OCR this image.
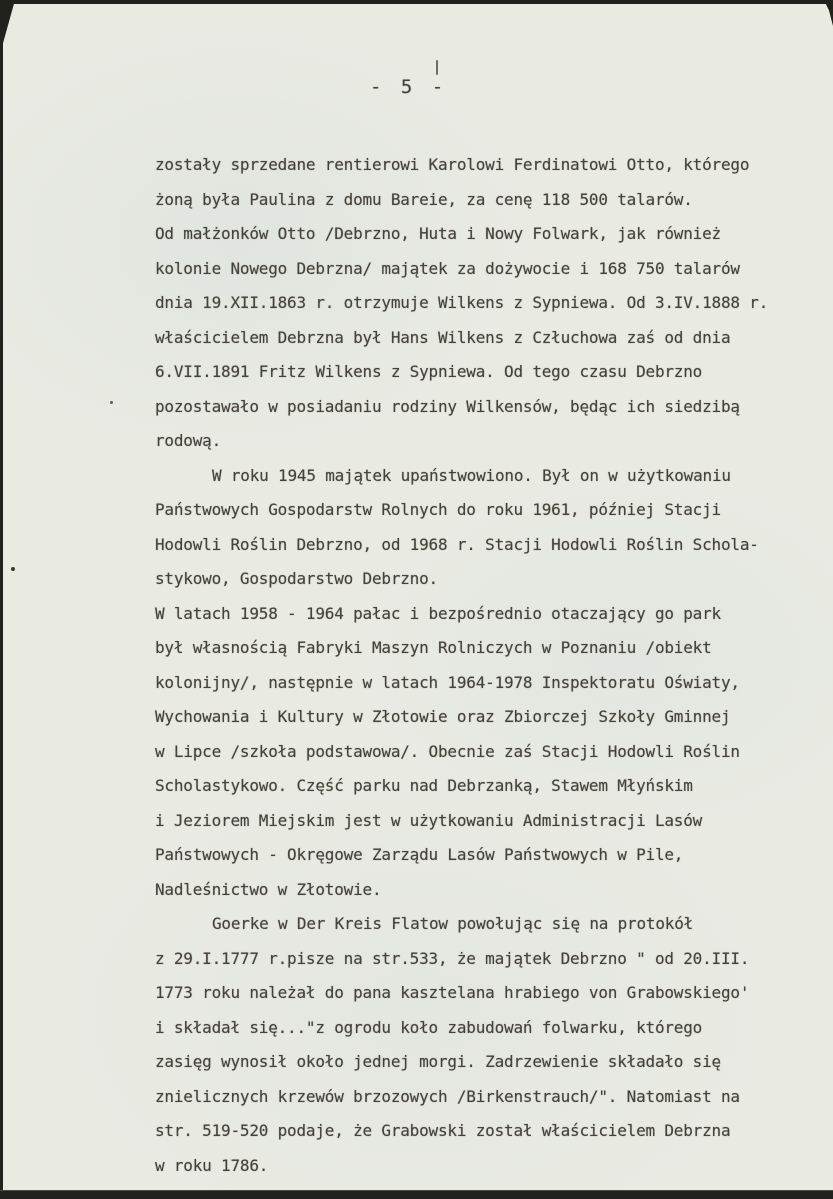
- 5 -
zostały sprzedane rentierowi Karolowi Ferdinatowi Otto, którego
żoną była Paulina z domu Bareie, za cenę 118 500 talarów.
Od małżonków Otto /Debrzno, Huta i Nowy Folwark, jak również
kolonie Nowego Debrzna/ majątek za dożywocie i 168 750 talarów
dnia 19.XII.1863 r. otrzymuje Wilkens z Sypniewa. Od 3.IV.1888 r.
właścicielem Debrzna był Hans Wilkens z Człuchowa zaś od dnia
6.VII.1891 Fritz Wilkens z Sypniewa. Od tego czasu Debrzno
pozostawało w posiadaniu rodziny Wilkensów, będąc ich siedzibą
rodową.
W roku 1945 majątek upaństwowiono. Był on w użytkowaniu
Państwowych Gospodarstw Rolnych do roku 1961, później Stacji
Hodowli Roślin Debrzno, od 1968 r. Stacji Hodowli Roślin Schola-
stykowo, Gospodarstwo Debrzno.
W latach 1958 - 1964 pałac i bezpośrednio otaczający go park
był własnością Fabryki Maszyn Rolniczych w Poznaniu /obiekt
kolonijny/, następnie w latach 1964-1978 Inspektoratu Oświaty,
Wychowania i Kultury w Złotowie oraz Zbiorczej Szkoły Gminnej
w Lipce /szkoła podstawowa/. Obecnie zaś Stacji Hodowli Roślin
Scholastykowo. Część parku nad Debrzanką, Stawem Młyńskim
i Jeziorem Miejskim jest w użytkowaniu Administracji Lasów
Państwowych - Okręgowe Zarządu Lasów Państwowych w Pile,
Nadleśnictwo w Złotowie.
Goerke w Der Kreis Flatow powołując się na protokół
z 29.I.1777 r.pisze na str.533, że majątek Debrzno " od 20.III.
1773 roku należał do pana kasztelana hrabiego von Grabowskiego'
i składał się..."z ogrodu koło zabudowań folwarku, którego
zasięg wynosił około jednej morgi. Zadrzewienie składało się
znielicznych krzewów brzozowych /Birkenstrauch/". Natomiast na
str. 519-520 podaje, że Grabowski został właścicielem Debrzna
w roku 1786.
